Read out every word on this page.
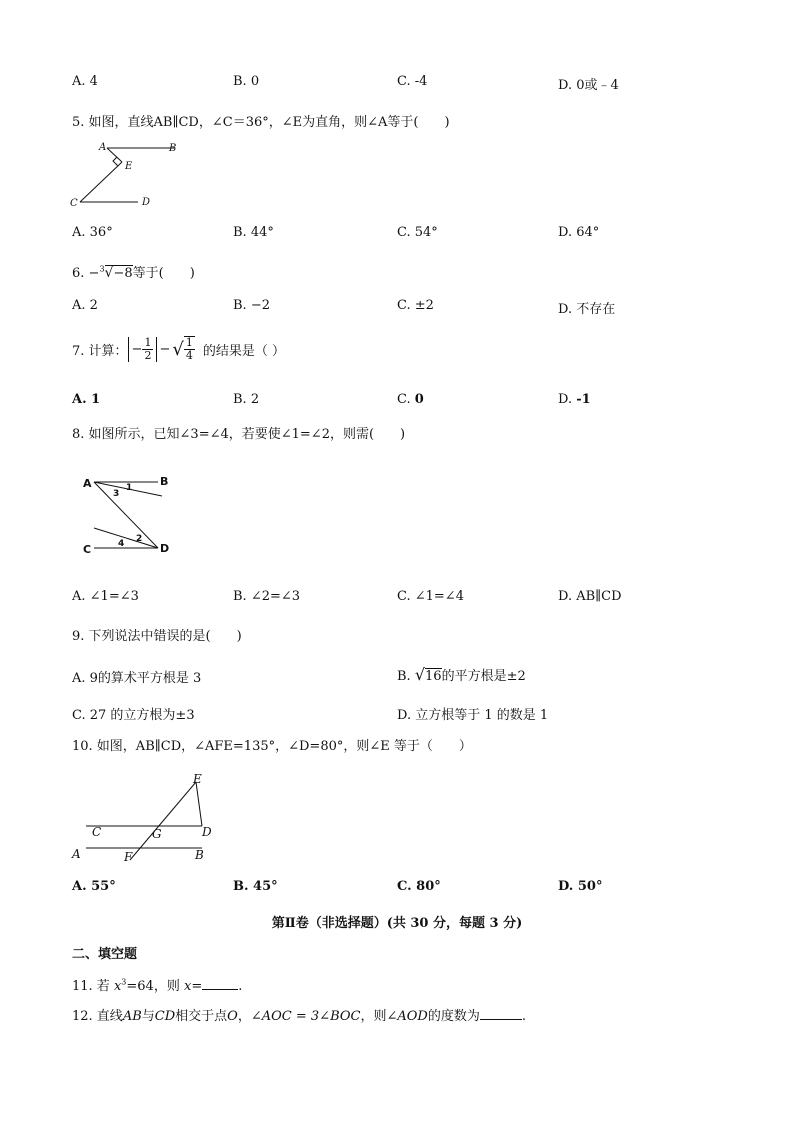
A. 4	B. 0	C. -4	D. 0或﹣4
5. 如图，直线AB∥CD，∠C＝36°，∠E为直角，则∠A等于(　　)
A	B
E
C	D
A. 36°	B. 44°	C. 54°	D. 64°
6. −$^3$√−8等于(　　)
A. 2	B. −2	C. ±2	D. 不存在
7. 计算： − $\frac{1}{2}$ − √ $\frac{1}{4}$ 的结果是（ ）
A. 1	B. 2	C. 0	D. -1
8. 如图所示，已知∠3=∠4，若要使∠1=∠2，则需(　　)
A	B
C	D
1
3
2
4
A. ∠1=∠3	B. ∠2=∠3	C. ∠1=∠4	D. AB∥CD
9. 下列说法中错误的是(　　)
A. 9的算术平方根是 3	B. √16的平方根是±2
C. 27 的立方根为±3	D. 立方根等于 1 的数是 1
10. 如图，AB∥CD，∠AFE=135°，∠D=80°，则∠E 等于（　　）
E
C	G	D
A	F	B
A. 55°	B. 45°	C. 80°	D. 50°
第Ⅱ卷（非选择题）(共 30 分，每题 3 分)
二、填空题
11. 若 $x^3=64$，则 x=	.
12. 直线AB与CD相交于点O，∠AOC = 3∠BOC，则∠AOD的度数为	.
